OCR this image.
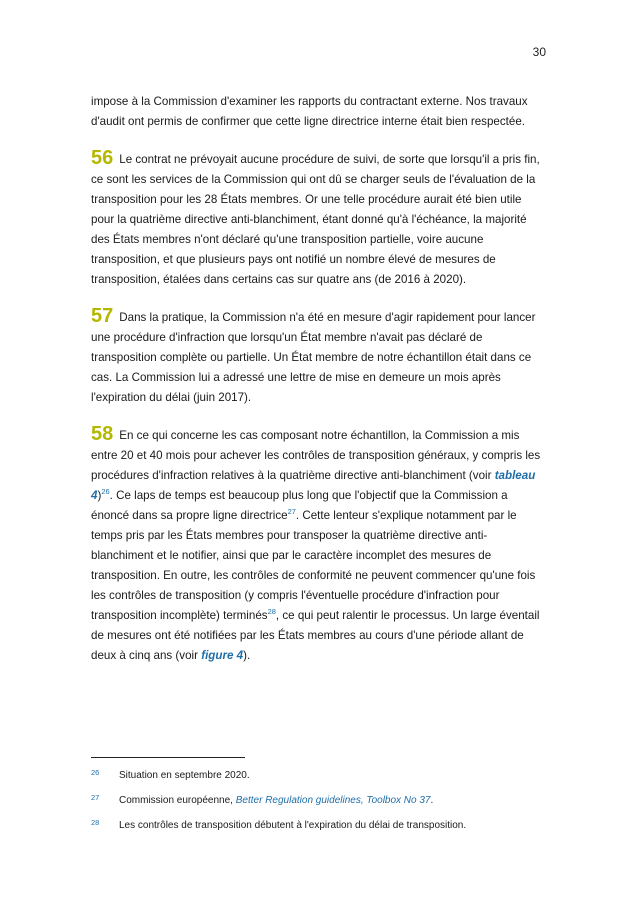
30

impose à la Commission d'examiner les rapports du contractant externe. Nos travaux
d'audit ont permis de confirmer que cette ligne directrice interne était bien respectée.

56 Le contrat ne prévoyait aucune procédure de suivi, de sorte que lorsqu'il a pris fin, ce sont les services de la Commission qui ont dû se charger seuls de l'évaluation de la transposition pour les 28 États membres. Or une telle procédure aurait été bien utile pour la quatrième directive anti-blanchiment, étant donné qu'à l'échéance, la majorité des États membres n'ont déclaré qu'une transposition partielle, voire aucune transposition, et que plusieurs pays ont notifié un nombre élevé de mesures de transposition, étalées dans certains cas sur quatre ans (de 2016 à 2020).

57 Dans la pratique, la Commission n'a été en mesure d'agir rapidement pour lancer une procédure d'infraction que lorsqu'un État membre n'avait pas déclaré de transposition complète ou partielle. Un État membre de notre échantillon était dans ce cas. La Commission lui a adressé une lettre de mise en demeure un mois après l'expiration du délai (juin 2017).

58 En ce qui concerne les cas composant notre échantillon, la Commission a mis entre 20 et 40 mois pour achever les contrôles de transposition généraux, y compris les procédures d'infraction relatives à la quatrième directive anti-blanchiment (voir tableau 4)$^{26}$. Ce laps de temps est beaucoup plus long que l'objectif que la Commission a énoncé dans sa propre ligne directrice$^{27}$. Cette lenteur s'explique notamment par le temps pris par les États membres pour transposer la quatrième directive anti-blanchiment et le notifier, ainsi que par le caractère incomplet des mesures de transposition. En outre, les contrôles de conformité ne peuvent commencer qu'une fois les contrôles de transposition (y compris l'éventuelle procédure d'infraction pour transposition incomplète) terminés$^{28}$, ce qui peut ralentir le processus. Un large éventail de mesures ont été notifiées par les États membres au cours d'une période allant de deux à cinq ans (voir figure 4).

26	Situation en septembre 2020.
27	Commission européenne, Better Regulation guidelines, Toolbox No 37.
28	Les contrôles de transposition débutent à l'expiration du délai de transposition.
